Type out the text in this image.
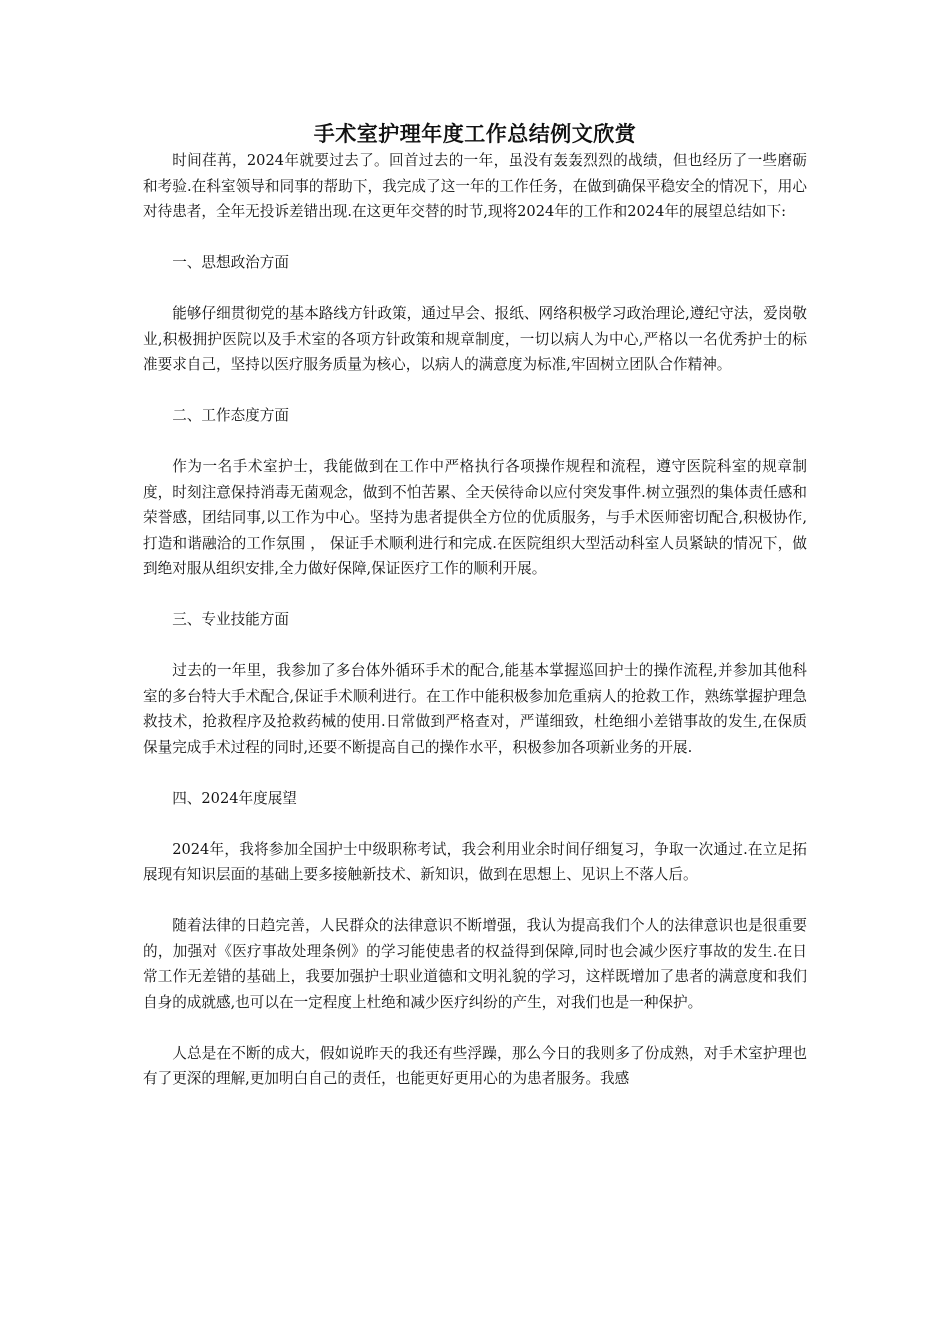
手术室护理年度工作总结例文欣赏

时间荏苒，2024年就要过去了。回首过去的一年，虽没有轰轰烈烈的战绩，但也经历了一些磨砺和考验.在科室领导和同事的帮助下，我完成了这一年的工作任务，在做到确保平稳安全的情况下，用心对待患者，全年无投诉差错出现.在这更年交替的时节,现将2024年的工作和2024年的展望总结如下:

一、思想政治方面

能够仔细贯彻党的基本路线方针政策，通过早会、报纸、网络积极学习政治理论,遵纪守法，爱岗敬业,积极拥护医院以及手术室的各项方针政策和规章制度，一切以病人为中心,严格以一名优秀护士的标准要求自己，坚持以医疗服务质量为核心，以病人的满意度为标准,牢固树立团队合作精神。

二、工作态度方面

作为一名手术室护士，我能做到在工作中严格执行各项操作规程和流程，遵守医院科室的规章制度，时刻注意保持消毒无菌观念，做到不怕苦累、全天侯待命以应付突发事件.树立强烈的集体责任感和荣誉感，团结同事,以工作为中心。坚持为患者提供全方位的优质服务，与手术医师密切配合,积极协作,打造和谐融洽的工作氛围 ， 保证手术顺利进行和完成.在医院组织大型活动科室人员紧缺的情况下，做到绝对服从组织安排,全力做好保障,保证医疗工作的顺利开展。

三、专业技能方面

过去的一年里，我参加了多台体外循环手术的配合,能基本掌握巡回护士的操作流程,并参加其他科室的多台特大手术配合,保证手术顺利进行。在工作中能积极参加危重病人的抢救工作，熟练掌握护理急救技术，抢救程序及抢救药械的使用.日常做到严格查对，严谨细致，杜绝细小差错事故的发生,在保质保量完成手术过程的同时,还要不断提高自己的操作水平，积极参加各项新业务的开展.

四、2024年度展望

2024年，我将参加全国护士中级职称考试，我会利用业余时间仔细复习，争取一次通过.在立足拓展现有知识层面的基础上要多接触新技术、新知识，做到在思想上、见识上不落人后。

随着法律的日趋完善，人民群众的法律意识不断增强，我认为提高我们个人的法律意识也是很重要的，加强对《医疗事故处理条例》的学习能使患者的权益得到保障,同时也会减少医疗事故的发生.在日常工作无差错的基础上，我要加强护士职业道德和文明礼貌的学习，这样既增加了患者的满意度和我们自身的成就感,也可以在一定程度上杜绝和减少医疗纠纷的产生，对我们也是一种保护。

人总是在不断的成大，假如说昨天的我还有些浮躁，那么今日的我则多了份成熟，对手术室护理也有了更深的理解,更加明白自己的责任，也能更好更用心的为患者服务。我感
